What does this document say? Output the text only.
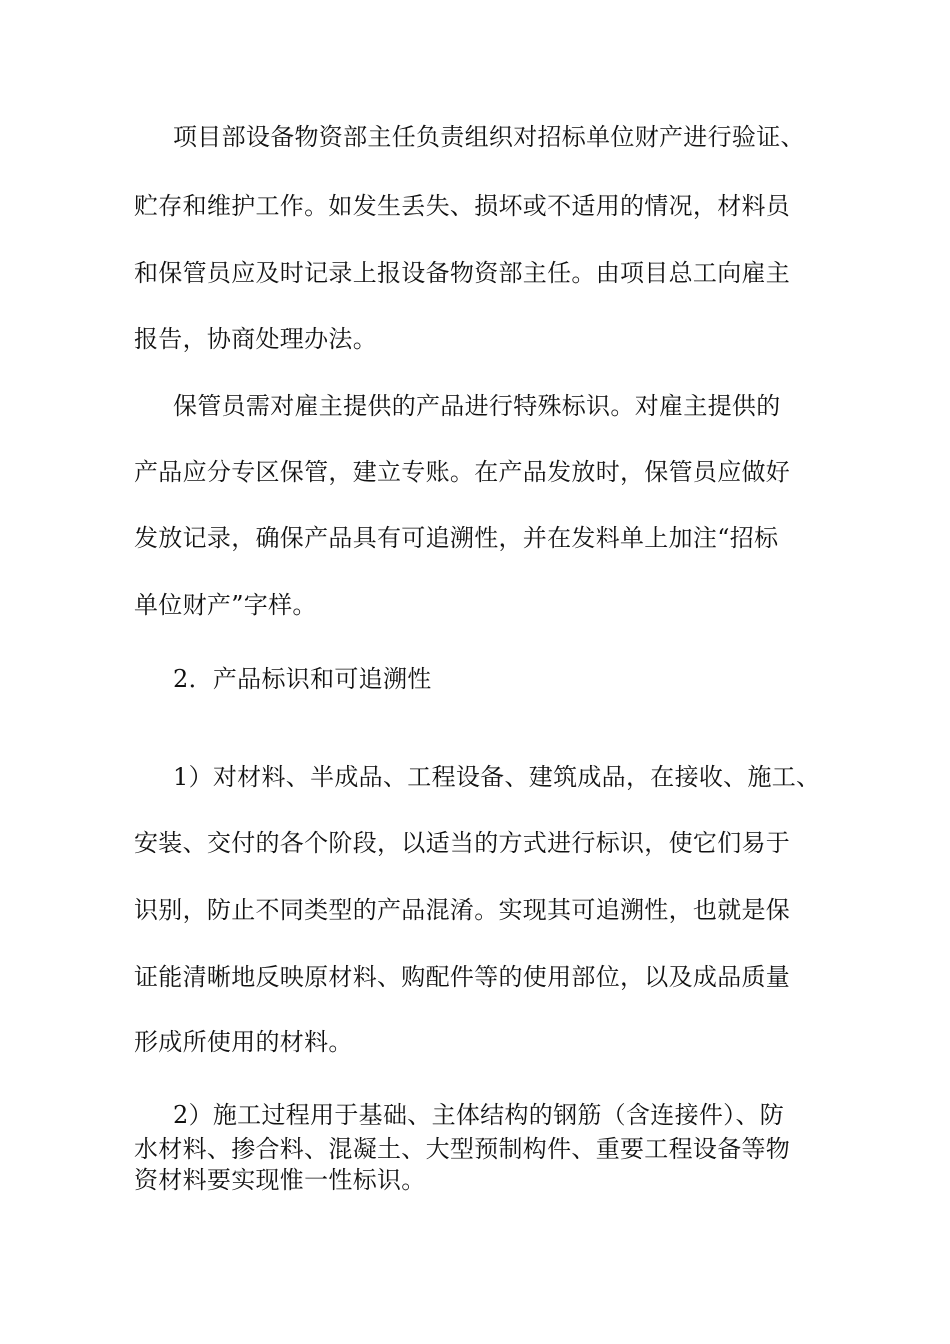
项目部设备物资部主任负责组织对招标单位财产进行验证、
贮存和维护工作。如发生丢失、损坏或不适用的情况，材料员
和保管员应及时记录上报设备物资部主任。由项目总工向雇主
报告，协商处理办法。
保管员需对雇主提供的产品进行特殊标识。对雇主提供的
产品应分专区保管，建立专账。在产品发放时，保管员应做好
发放记录，确保产品具有可追溯性，并在发料单上加注“招标
单位财产”字样。
2．产品标识和可追溯性
1）对材料、半成品、工程设备、建筑成品，在接收、施工、
安装、交付的各个阶段，以适当的方式进行标识，使它们易于
识别，防止不同类型的产品混淆。实现其可追溯性，也就是保
证能清晰地反映原材料、购配件等的使用部位，以及成品质量
形成所使用的材料。
2）施工过程用于基础、主体结构的钢筋（含连接件）、防
水材料、掺合料、混凝土、大型预制构件、重要工程设备等物
资材料要实现惟一性标识。
